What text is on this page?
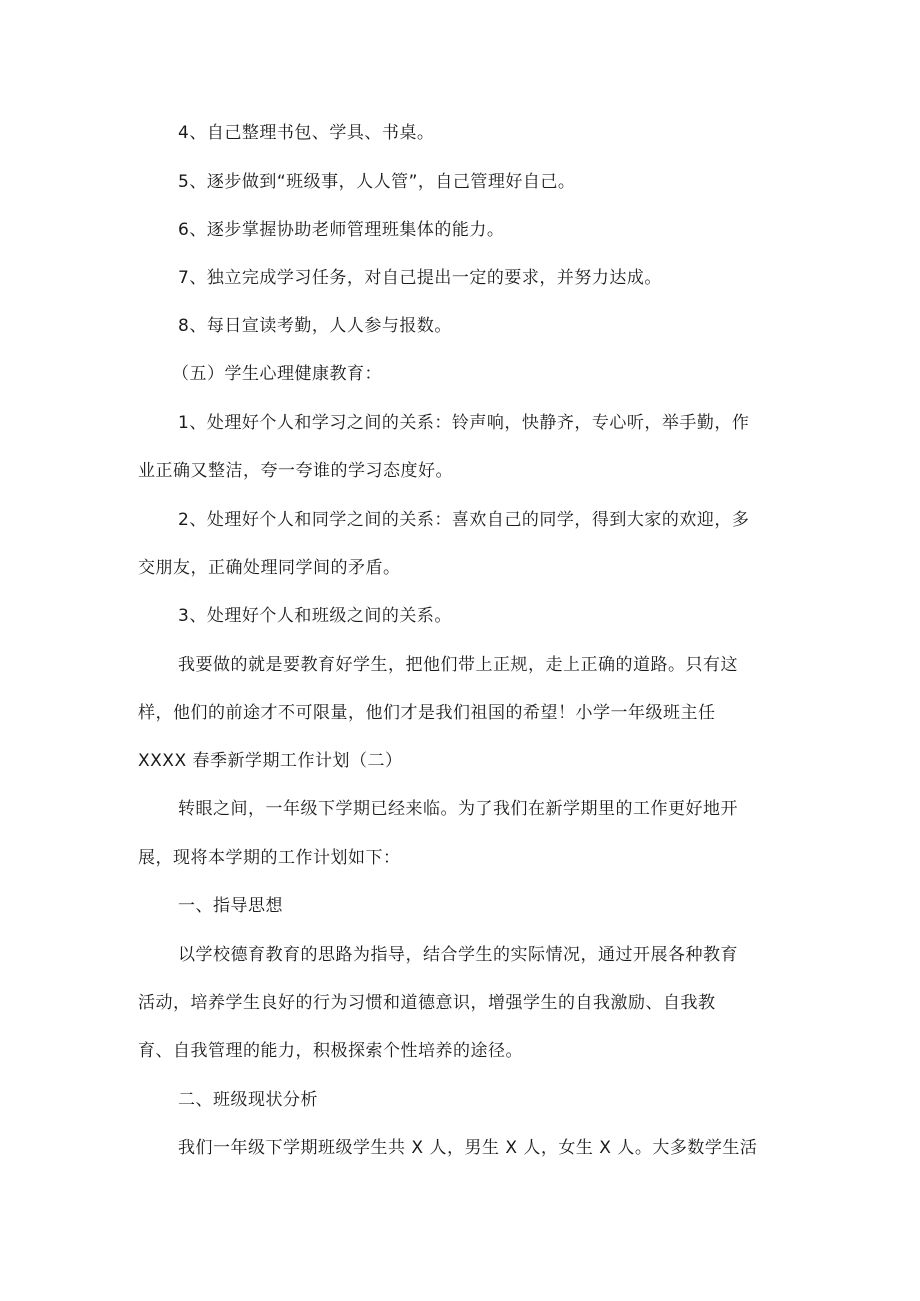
4、自己整理书包、学具、书桌。
5、逐步做到“班级事，人人管”，自己管理好自己。
6、逐步掌握协助老师管理班集体的能力。
7、独立完成学习任务，对自己提出一定的要求，并努力达成。
8、每日宣读考勤，人人参与报数。
（五）学生心理健康教育：
1、处理好个人和学习之间的关系：铃声响，快静齐，专心听，举手勤，作
业正确又整洁，夸一夸谁的学习态度好。
2、处理好个人和同学之间的关系：喜欢自己的同学，得到大家的欢迎，多
交朋友，正确处理同学间的矛盾。
3、处理好个人和班级之间的关系。
我要做的就是要教育好学生，把他们带上正规，走上正确的道路。只有这
样，他们的前途才不可限量，他们才是我们祖国的希望！小学一年级班主任
XXXX 春季新学期工作计划（二）
转眼之间，一年级下学期已经来临。为了我们在新学期里的工作更好地开
展，现将本学期的工作计划如下：
一、指导思想
以学校德育教育的思路为指导，结合学生的实际情况，通过开展各种教育
活动，培养学生良好的行为习惯和道德意识，增强学生的自我激励、自我教
育、自我管理的能力，积极探索个性培养的途径。
二、班级现状分析
我们一年级下学期班级学生共 X 人，男生 X 人，女生 X 人。大多数学生活
